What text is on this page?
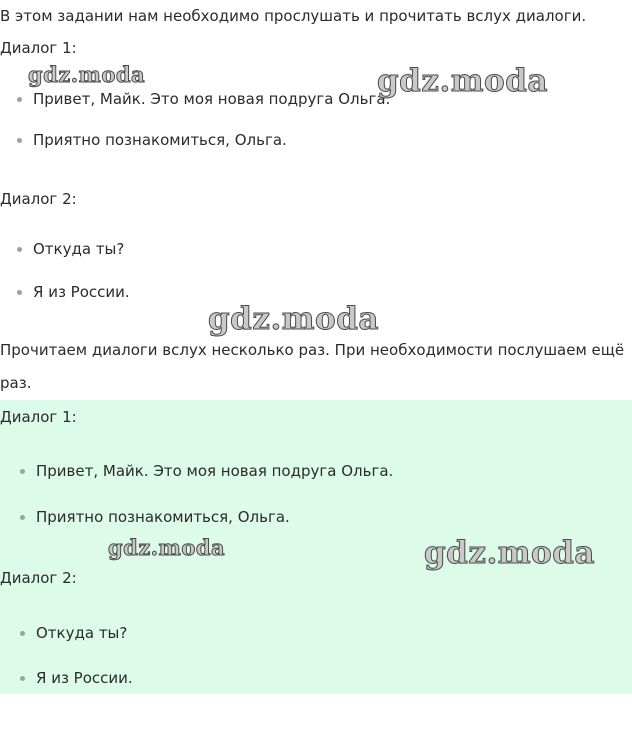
В этом задании нам необходимо прослушать и прочитать вслух диалоги.
Диалог 1:
Привет, Майк. Это моя новая подруга Ольга.
Приятно познакомиться, Ольга.
Диалог 2:
Откуда ты?
Я из России.
Прочитаем диалоги вслух несколько раз. При необходимости послушаем ещё
раз.
Диалог 1:
Привет, Майк. Это моя новая подруга Ольга.
Приятно познакомиться, Ольга.
Диалог 2:
Откуда ты?
Я из России.
gdz.moda	gdz.moda
gdz.moda
gdz.moda	gdz.moda
